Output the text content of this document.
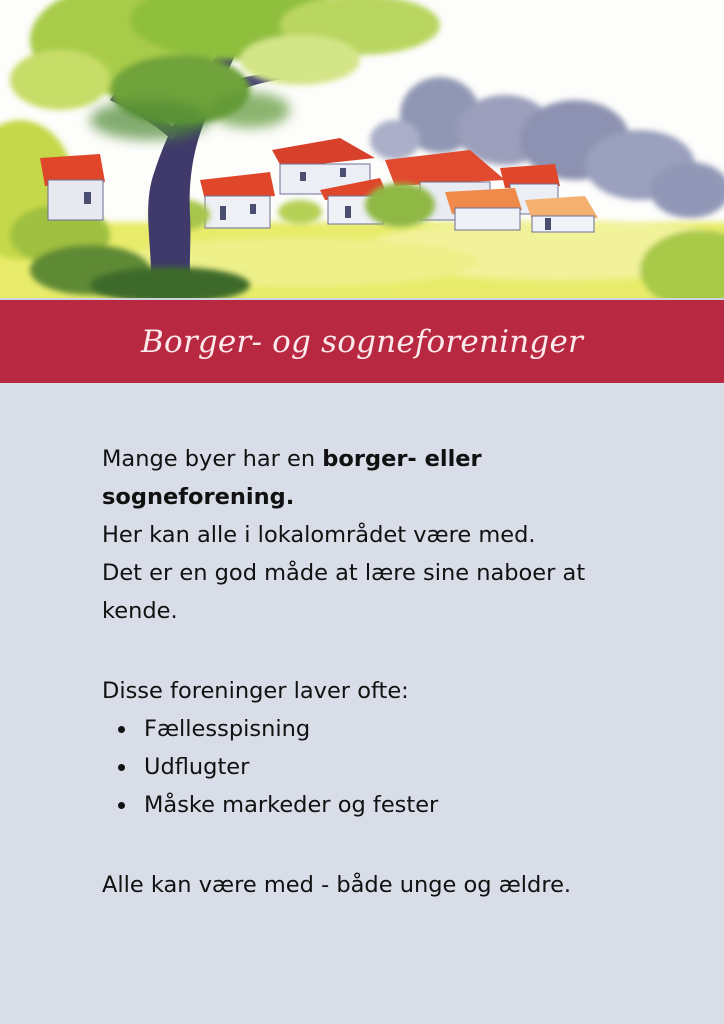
Borger- og sogneforeninger

Mange byer har en borger- eller sogneforening.

Her kan alle i lokalområdet være med.

Det er en god måde at lære sine naboer at kende.

Disse foreninger laver ofte:

Fællesspisning
Udflugter
Måske markeder og fester

Alle kan være med - både unge og ældre.
